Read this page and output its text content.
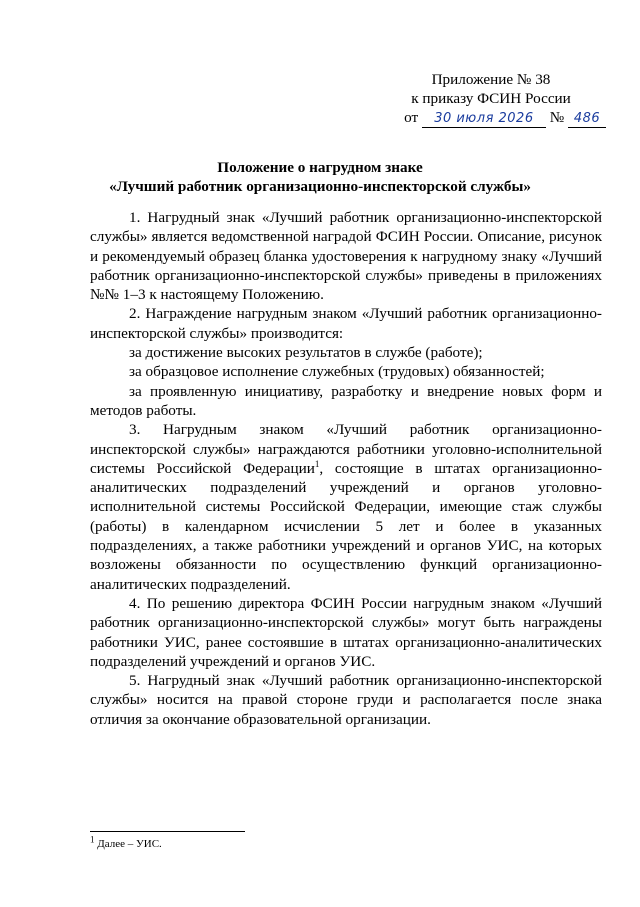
Приложение № 38
к приказу ФСИН России
от 30 июля 2026 № 486
Положение о нагрудном знаке
«Лучший работник организационно-инспекторской службы»

1. Нагрудный знак «Лучший работник организационно-инспекторской службы» является ведомственной наградой ФСИН России. Описание, рисунок и рекомендуемый образец бланка удостоверения к нагрудному знаку «Лучший работник организационно-инспекторской службы» приведены в приложениях №№ 1–3 к настоящему Положению.

2. Награждение нагрудным знаком «Лучший работник организационно-инспекторской службы» производится:

за достижение высоких результатов в службе (работе);

за образцовое исполнение служебных (трудовых) обязанностей;

за проявленную инициативу, разработку и внедрение новых форм и методов работы.

3. Нагрудным знаком «Лучший работник организационно-инспекторской службы» награждаются работники уголовно-исполнительной системы Российской Федерации$^1$, состоящие в штатах организационно-аналитических подразделений учреждений и органов уголовно-исполнительной системы Российской Федерации, имеющие стаж службы (работы) в календарном исчислении 5 лет и более в указанных подразделениях, а также работники учреждений и органов УИС, на которых возложены обязанности по осуществлению функций организационно-аналитических подразделений.

4. По решению директора ФСИН России нагрудным знаком «Лучший работник организационно-инспекторской службы» могут быть награждены работники УИС, ранее состоявшие в штатах организационно-аналитических подразделений учреждений и органов УИС.

5. Нагрудный знак «Лучший работник организационно-инспекторской службы» носится на правой стороне груди и располагается после знака отличия за окончание образовательной организации.

$^1$ Далее – УИС.
